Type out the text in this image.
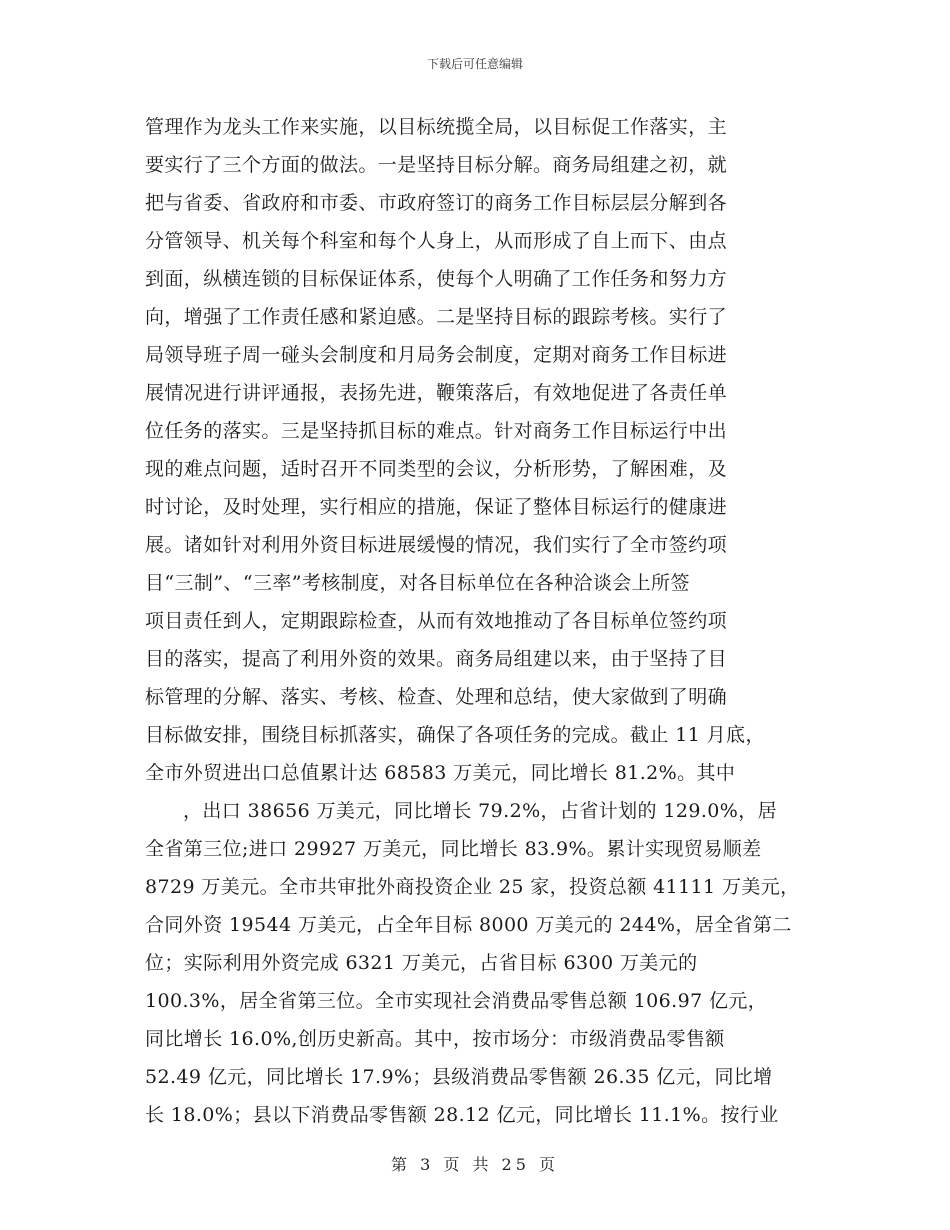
下载后可任意编辑
管理作为龙头工作来实施，以目标统揽全局，以目标促工作落实，主
要实行了三个方面的做法。一是坚持目标分解。商务局组建之初，就
把与省委、省政府和市委、市政府签订的商务工作目标层层分解到各
分管领导、机关每个科室和每个人身上，从而形成了自上而下、由点
到面，纵横连锁的目标保证体系，使每个人明确了工作任务和努力方
向，增强了工作责任感和紧迫感。二是坚持目标的跟踪考核。实行了
局领导班子周一碰头会制度和月局务会制度，定期对商务工作目标进
展情况进行讲评通报，表扬先进，鞭策落后，有效地促进了各责任单
位任务的落实。三是坚持抓目标的难点。针对商务工作目标运行中出
现的难点问题，适时召开不同类型的会议，分析形势，了解困难，及
时讨论，及时处理，实行相应的措施，保证了整体目标运行的健康进
展。诸如针对利用外资目标进展缓慢的情况，我们实行了全市签约项
目“三制”、“三率”考核制度，对各目标单位在各种洽谈会上所签
项目责任到人，定期跟踪检查，从而有效地推动了各目标单位签约项
目的落实，提高了利用外资的效果。商务局组建以来，由于坚持了目
标管理的分解、落实、考核、检查、处理和总结，使大家做到了明确
目标做安排，围绕目标抓落实，确保了各项任务的完成。截止 11 月底，
全市外贸进出口总值累计达 68583 万美元，同比增长 81.2%。其中
，出口 38656 万美元，同比增长 79.2%，占省计划的 129.0%，居
全省第三位;进口 29927 万美元，同比增长 83.9%。累计实现贸易顺差
8729 万美元。全市共审批外商投资企业 25 家，投资总额 41111 万美元，
合同外资 19544 万美元，占全年目标 8000 万美元的 244%，居全省第二
位；实际利用外资完成 6321 万美元，占省目标 6300 万美元的
100.3%，居全省第三位。全市实现社会消费品零售总额 106.97 亿元，
同比增长 16.0%,创历史新高。其中，按市场分：市级消费品零售额
52.49 亿元，同比增长 17.9%；县级消费品零售额 26.35 亿元，同比增
长 18.0%；县以下消费品零售额 28.12 亿元，同比增长 11.1%。按行业
第 3 页 共 25 页
